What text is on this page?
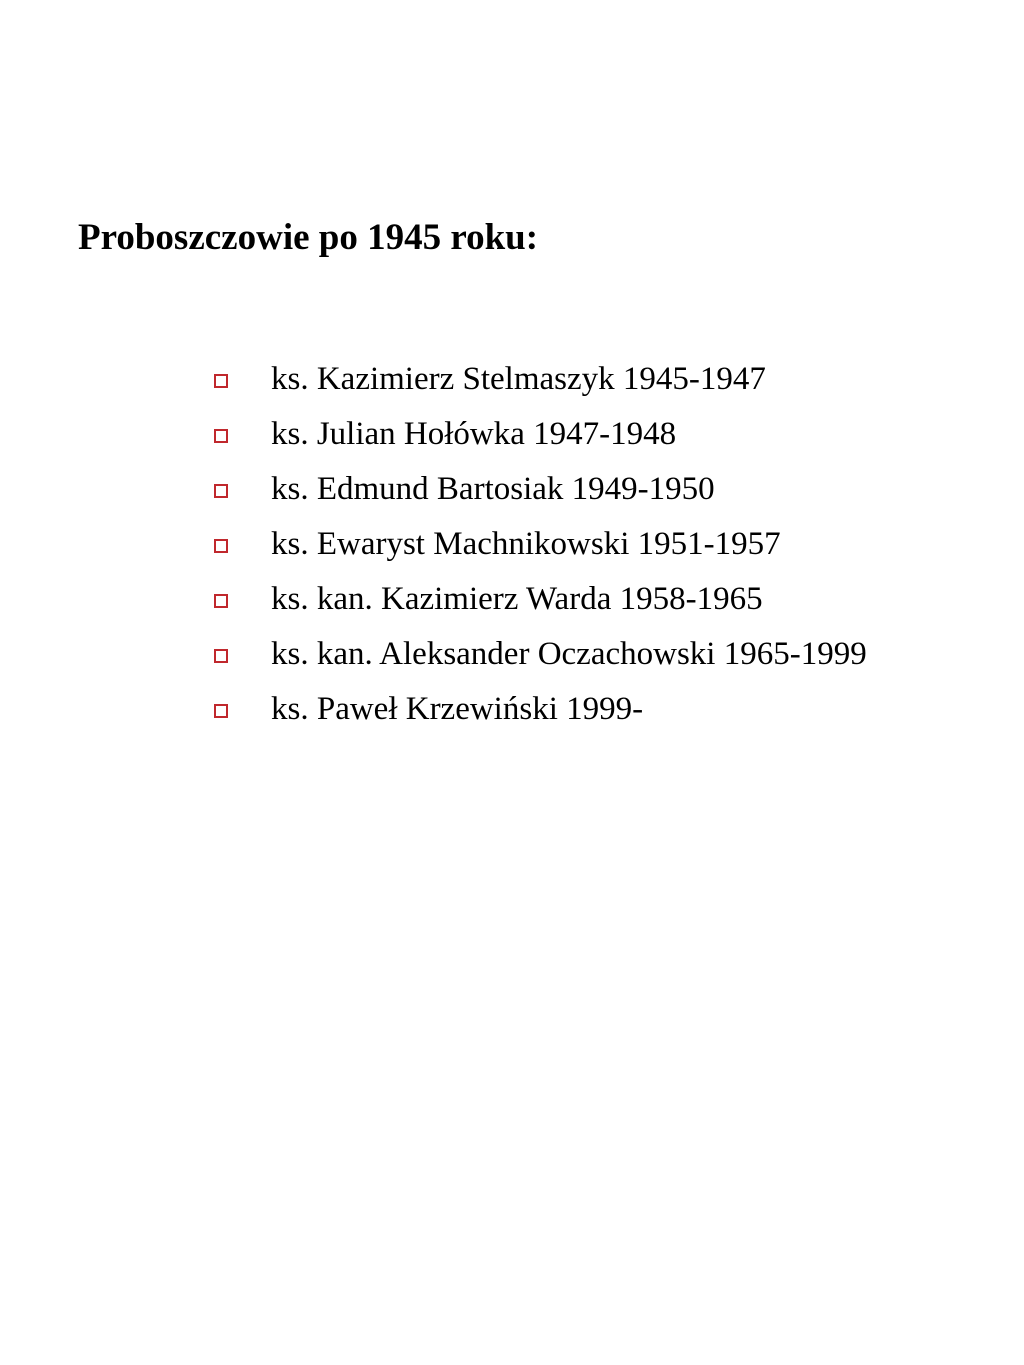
Proboszczowie po 1945 roku:
ks. Kazimierz Stelmaszyk 1945-1947
ks. Julian Hołówka 1947-1948
ks. Edmund Bartosiak 1949-1950
ks. Ewaryst Machnikowski 1951-1957
ks. kan. Kazimierz Warda 1958-1965
ks. kan. Aleksander Oczachowski 1965-1999
ks. Paweł Krzewiński 1999-
